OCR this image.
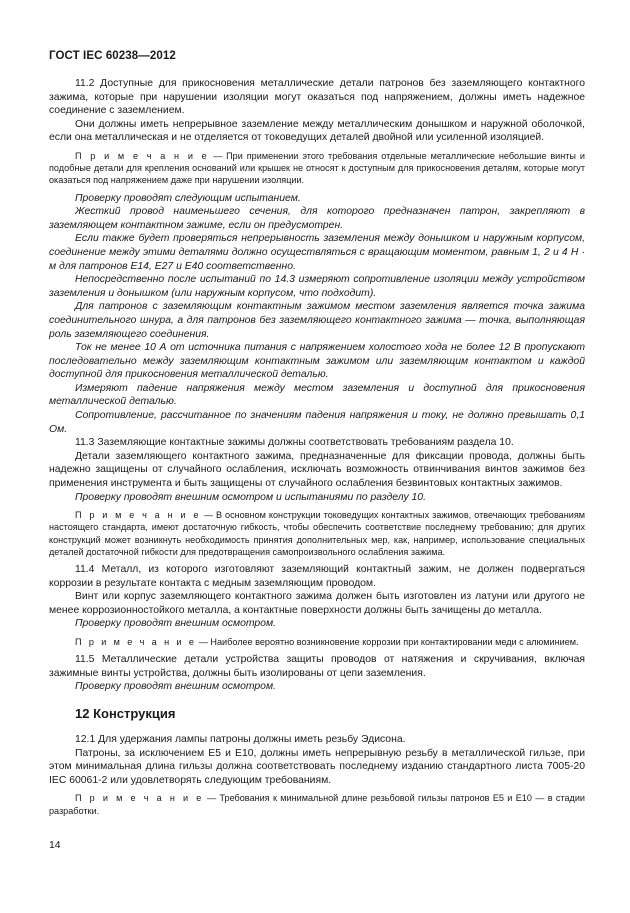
ГОСТ IEC 60238—2012

11.2 Доступные для прикосновения металлические детали патронов без заземляющего контактного зажима, которые при нарушении изоляции могут оказаться под напряжением, должны иметь надежное соединение с заземлением.

Они должны иметь непрерывное заземление между металлическим донышком и наружной оболочкой, если она металлическая и не отделяется от токоведущих деталей двойной или усиленной изоляцией.

П р и м е ч а н и е — При применении этого требования отдельные металлические небольшие винты и подобные детали для крепления оснований или крышек не относят к доступным для прикосновения деталям, которые могут оказаться под напряжением даже при нарушении изоляции.

Проверку проводят следующим испытанием.

Жесткий провод наименьшего сечения, для которого предназначен патрон, закрепляют в заземляющем контактном зажиме, если он предусмотрен.

Если также будет проверяться непрерывность заземления между донышком и наружным корпусом, соединение между этими деталями должно осуществляться с вращающим моментом, равным 1, 2 и 4 Н · м для патронов Е14, Е27 и Е40 соответственно.

Непосредственно после испытаний по 14.3 измеряют сопротивление изоляции между устройством заземления и донышком (или наружным корпусом, что подходит).

Для патронов с заземляющим контактным зажимом местом заземления является точка зажима соединительного шнура, а для патронов без заземляющего контактного зажима — точка, выполняющая роль заземляющего соединения.

Ток не менее 10 А от источника питания с напряжением холостого хода не более 12 В пропускают последовательно между заземляющим контактным зажимом или заземляющим контактом и каждой доступной для прикосновения металлической деталью.

Измеряют падение напряжения между местом заземления и доступной для прикосновения металлической деталью.

Сопротивление, рассчитанное по значениям падения напряжения и току, не должно превышать 0,1 Ом.

11.3 Заземляющие контактные зажимы должны соответствовать требованиям раздела 10.

Детали заземляющего контактного зажима, предназначенные для фиксации провода, должны быть надежно защищены от случайного ослабления, исключать возможность отвинчивания винтов зажимов без применения инструмента и быть защищены от случайного ослабления безвинтовых контактных зажимов.

Проверку проводят внешним осмотром и испытаниями по разделу 10.

П р и м е ч а н и е — В основном конструкции токоведущих контактных зажимов, отвечающих требованиям настоящего стандарта, имеют достаточную гибкость, чтобы обеспечить соответствие последнему требованию; для других конструкций может возникнуть необходимость принятия дополнительных мер, как, например, использование специальных деталей достаточной гибкости для предотвращения самопроизвольного ослабления зажима.

11.4 Металл, из которого изготовляют заземляющий контактный зажим, не должен подвергаться коррозии в результате контакта с медным заземляющим проводом.

Винт или корпус заземляющего контактного зажима должен быть изготовлен из латуни или другого не менее коррозионностойкого металла, а контактные поверхности должны быть зачищены до металла.

Проверку проводят внешним осмотром.

П р и м е ч а н и е — Наиболее вероятно возникновение коррозии при контактировании меди с алюминием.

11.5 Металлические детали устройства защиты проводов от натяжения и скручивания, включая зажимные винты устройства, должны быть изолированы от цепи заземления.

Проверку проводят внешним осмотром.

12 Конструкция

12.1 Для удержания лампы патроны должны иметь резьбу Эдисона.

Патроны, за исключением Е5 и Е10, должны иметь непрерывную резьбу в металлической гильзе, при этом минимальная длина гильзы должна соответствовать последнему изданию стандартного листа 7005-20 IEC 60061-2 или удовлетворять следующим требованиям.

П р и м е ч а н и е — Требования к минимальной длине резьбовой гильзы патронов Е5 и Е10 — в стадии разработки.

14
